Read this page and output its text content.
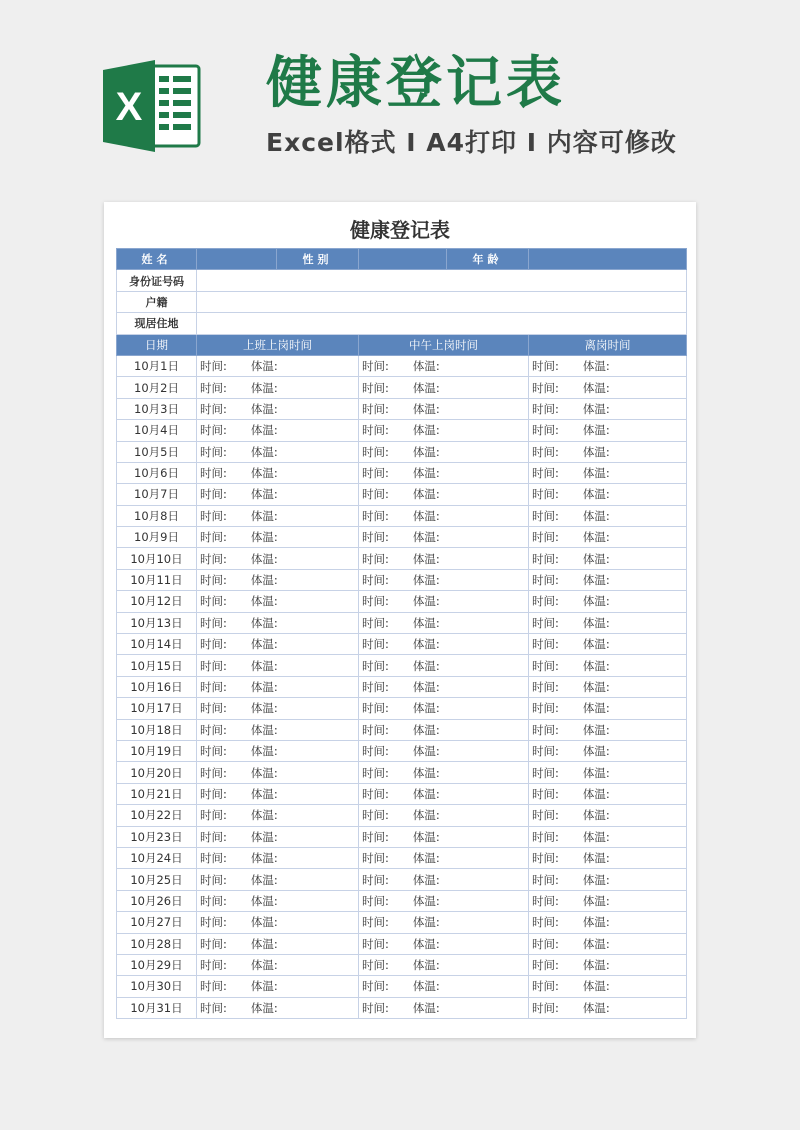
X 健康登记表
Excel格式 I A4打印 I 内容可修改
健康登记表
姓名		性别		年龄	
身份证号码					
户籍					
现居住地					
日期	上班上岗时间		中午上岗时间		离岗时间
10月1日	时间: 体温:		时间: 体温:		时间: 体温:
10月2日	时间: 体温:		时间: 体温:		时间: 体温:
10月3日	时间: 体温:		时间: 体温:		时间: 体温:
10月4日	时间: 体温:		时间: 体温:		时间: 体温:
10月5日	时间: 体温:		时间: 体温:		时间: 体温:
10月6日	时间: 体温:		时间: 体温:		时间: 体温:
10月7日	时间: 体温:		时间: 体温:		时间: 体温:
10月8日	时间: 体温:		时间: 体温:		时间: 体温:
10月9日	时间: 体温:		时间: 体温:		时间: 体温:
10月10日	时间: 体温:		时间: 体温:		时间: 体温:
10月11日	时间: 体温:		时间: 体温:		时间: 体温:
10月12日	时间: 体温:		时间: 体温:		时间: 体温:
10月13日	时间: 体温:		时间: 体温:		时间: 体温:
10月14日	时间: 体温:		时间: 体温:		时间: 体温:
10月15日	时间: 体温:		时间: 体温:		时间: 体温:
10月16日	时间: 体温:		时间: 体温:		时间: 体温:
10月17日	时间: 体温:		时间: 体温:		时间: 体温:
10月18日	时间: 体温:		时间: 体温:		时间: 体温:
10月19日	时间: 体温:		时间: 体温:		时间: 体温:
10月20日	时间: 体温:		时间: 体温:		时间: 体温:
10月21日	时间: 体温:		时间: 体温:		时间: 体温:
10月22日	时间: 体温:		时间: 体温:		时间: 体温:
10月23日	时间: 体温:		时间: 体温:		时间: 体温:
10月24日	时间: 体温:		时间: 体温:		时间: 体温:
10月25日	时间: 体温:		时间: 体温:		时间: 体温:
10月26日	时间: 体温:		时间: 体温:		时间: 体温:
10月27日	时间: 体温:		时间: 体温:		时间: 体温:
10月28日	时间: 体温:		时间: 体温:		时间: 体温:
10月29日	时间: 体温:		时间: 体温:		时间: 体温:
10月30日	时间: 体温:		时间: 体温:		时间: 体温:
10月31日	时间: 体温:		时间: 体温:		时间: 体温:
